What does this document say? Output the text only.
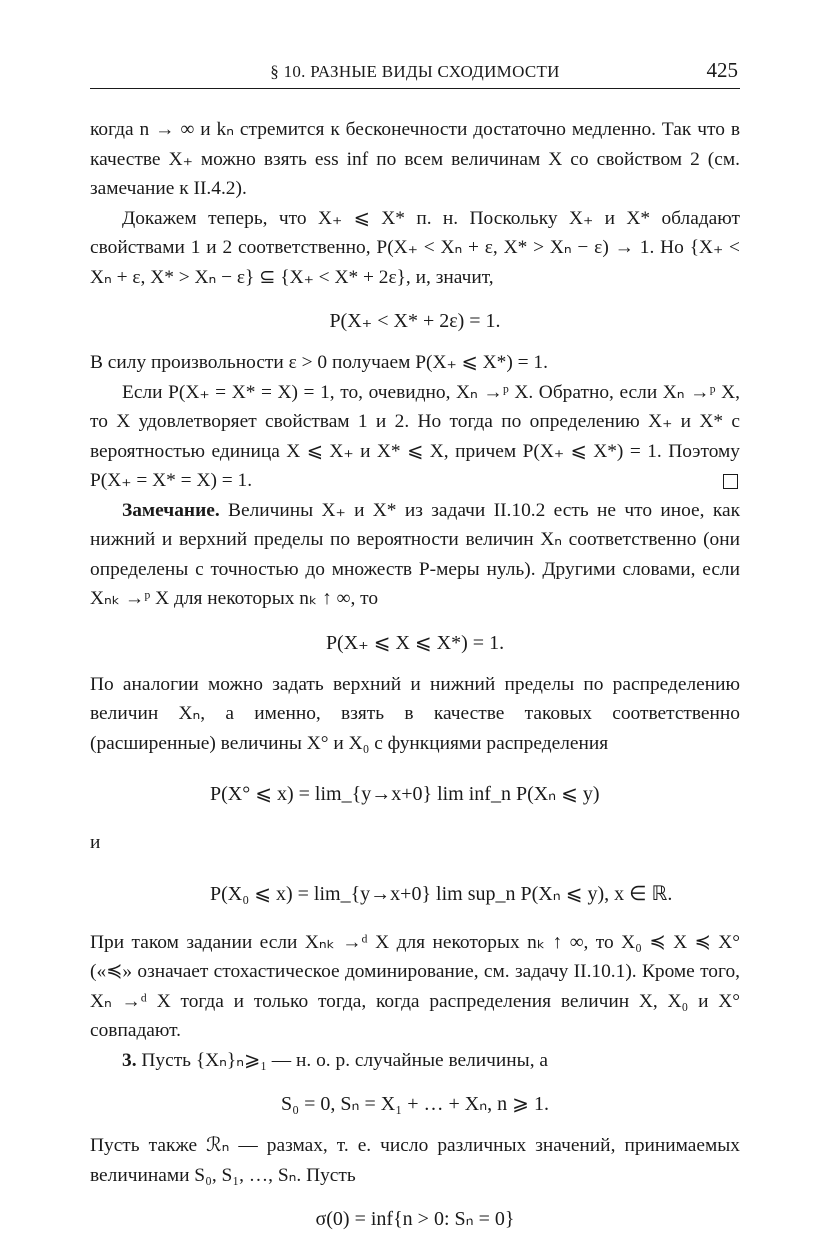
§ 10. РАЗНЫЕ ВИДЫ СХОДИМОСТИ	425

когда n → ∞ и kₙ стремится к бесконечности достаточно медленно. Так что в качестве X₊ можно взять ess inf по всем величинам X со свойством 2 (см. замечание к II.4.2).

Докажем теперь, что X₊ ⩽ X* п. н. Поскольку X₊ и X* обладают свойствами 1 и 2 соответственно, P(X₊ < Xₙ + ε, X* > Xₙ − ε) → 1. Но {X₊ < Xₙ + ε, X* > Xₙ − ε} ⊆ {X₊ < X* + 2ε}, и, значит,

P(X₊ < X* + 2ε) = 1.

В силу произвольности ε > 0 получаем P(X₊ ⩽ X*) = 1.

Если P(X₊ = X* = X) = 1, то, очевидно, Xₙ →ᵖ X. Обратно, если Xₙ →ᵖ X, то X удовлетворяет свойствам 1 и 2. Но тогда по определению X₊ и X* с вероятностью единица X ⩽ X₊ и X* ⩽ X, причем P(X₊ ⩽ X*) = 1. Поэтому P(X₊ = X* = X) = 1.

Замечание. Величины X₊ и X* из задачи II.10.2 есть не что иное, как нижний и верхний пределы по вероятности величин Xₙ соответственно (они определены с точностью до множеств P-меры нуль). Другими словами, если Xₙₖ →ᵖ X для некоторых nₖ ↑ ∞, то

P(X₊ ⩽ X ⩽ X*) = 1.

По аналогии можно задать верхний и нижний пределы по распределению величин Xₙ, а именно, взять в качестве таковых соответственно (расширенные) величины X° и X₀ с функциями распределения

P(X° ⩽ x) = lim_{y→x+0} lim inf_n P(Xₙ ⩽ y)

и

P(X₀ ⩽ x) = lim_{y→x+0} lim sup_n P(Xₙ ⩽ y), x ∈ ℝ.

При таком задании если Xₙₖ →ᵈ X для некоторых nₖ ↑ ∞, то X₀ ≼ X ≼ X° («≼» означает стохастическое доминирование, см. задачу II.10.1). Кроме того, Xₙ →ᵈ X тогда и только тогда, когда распределения величин X, X₀ и X° совпадают.

3. Пусть {Xₙ}ₙ⩾₁ — н. о. р. случайные величины, а

S₀ = 0, Sₙ = X₁ + … + Xₙ, n ⩾ 1.

Пусть также ℛₙ — размах, т. е. число различных значений, принимаемых величинами S₀, S₁, …, Sₙ. Пусть

σ(0) = inf{n > 0: Sₙ = 0}
